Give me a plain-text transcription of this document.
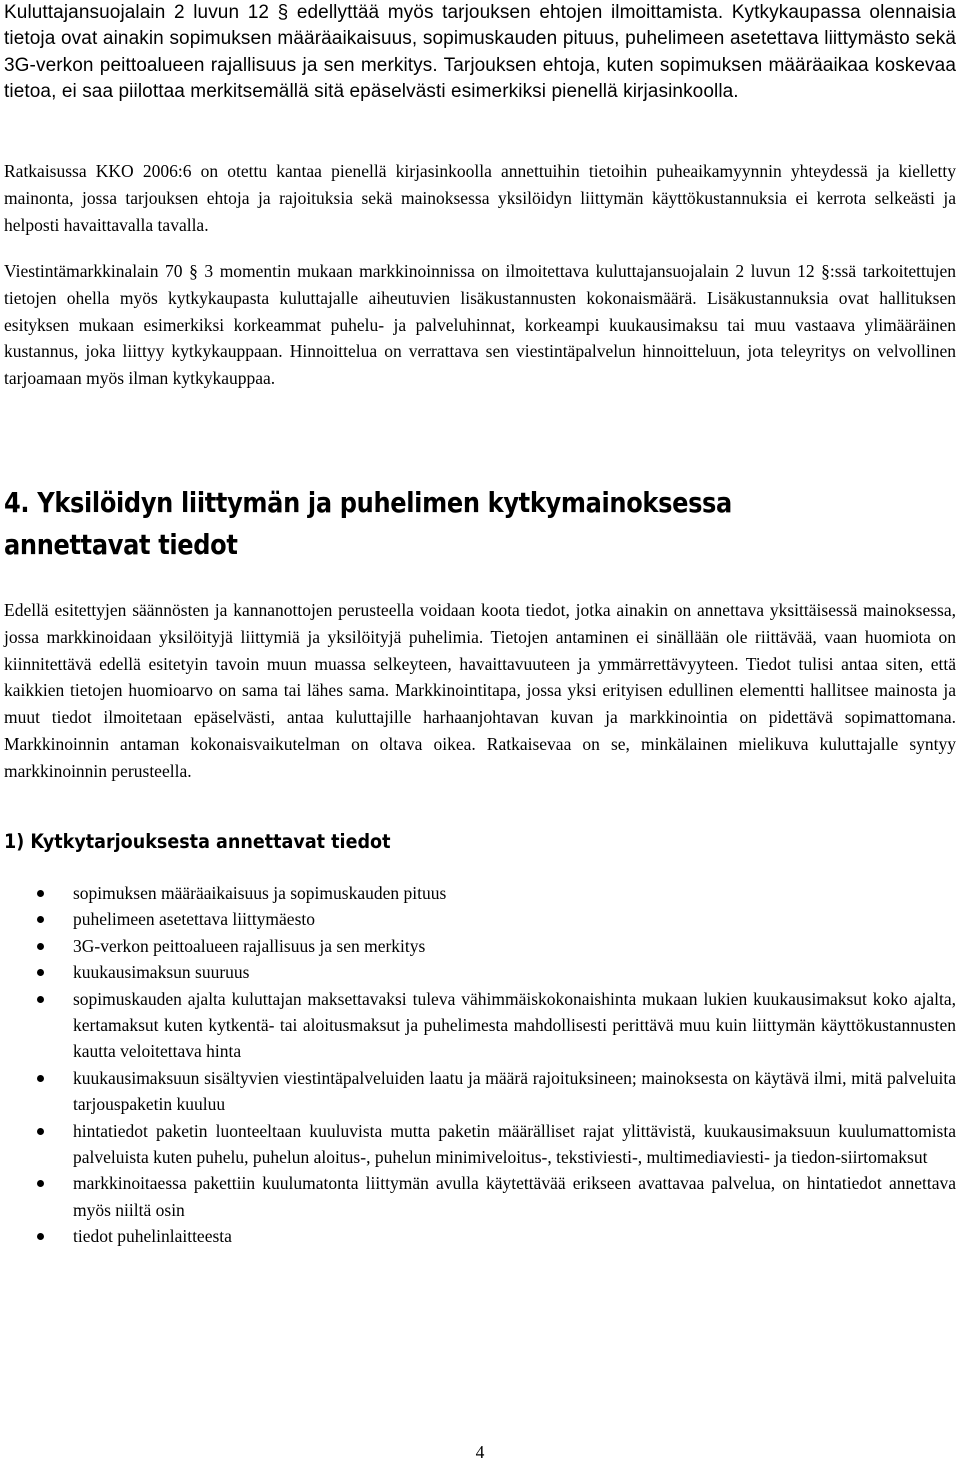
Kuluttajansuojalain 2 luvun 12 § edellyttää myös tarjouksen ehtojen ilmoittamista. Kytkykaupassa olennaisia tietoja ovat ainakin sopimuksen määräaikaisuus, sopimuskauden pituus, puhelimeen asetettava liittymästo sekä 3G-verkon peittoalueen rajallisuus ja sen merkitys. Tarjouksen ehtoja, kuten sopimuksen määräaikaa koskevaa tietoa, ei saa piilottaa merkitsemällä sitä epäselvästi esimerkiksi pienellä kirjasinkoolla.

Ratkaisussa KKO 2006:6 on otettu kantaa pienellä kirjasinkoolla annettuihin tietoihin puheaikamyynnin yhteydessä ja kielletty mainonta, jossa tarjouksen ehtoja ja rajoituksia sekä mainoksessa yksilöidyn liittymän käyttökustannuksia ei kerrota selkeästi ja helposti havaittavalla tavalla.

Viestintämarkkinalain 70 § 3 momentin mukaan markkinoinnissa on ilmoitettava kuluttajansuojalain 2 luvun 12 §:ssä tarkoitettujen tietojen ohella myös kytkykaupasta kuluttajalle aiheutuvien lisäkustannusten kokonaismäärä. Lisäkustannuksia ovat hallituksen esityksen mukaan esimerkiksi korkeammat puhelu- ja palveluhinnat, korkeampi kuukausimaksu tai muu vastaava ylimääräinen kustannus, joka liittyy kytkykauppaan. Hinnoittelua on verrattava sen viestintäpalvelun hinnoitteluun, jota teleyritys on velvollinen tarjoamaan myös ilman kytkykauppaa.

4. Yksilöidyn liittymän ja puhelimen kytkymainoksessa annettavat tiedot

Edellä esitettyjen säännösten ja kannanottojen perusteella voidaan koota tiedot, jotka ainakin on annettava yksittäisessä mainoksessa, jossa markkinoidaan yksilöityjä liittymiä ja yksilöityjä puhelimia. Tietojen antaminen ei sinällään ole riittävää, vaan huomiota on kiinnitettävä edellä esitetyin tavoin muun muassa selkeyteen, havaittavuuteen ja ymmärrettävyyteen. Tiedot tulisi antaa siten, että kaikkien tietojen huomioarvo on sama tai lähes sama. Markkinointitapa, jossa yksi erityisen edullinen elementti hallitsee mainosta ja muut tiedot ilmoitetaan epäselvästi, antaa kuluttajille harhaanjohtavan kuvan ja markkinointia on pidettävä sopimattomana. Markkinoinnin antaman kokonaisvaikutelman on oltava oikea. Ratkaisevaa on se, minkälainen mielikuva kuluttajalle syntyy markkinoinnin perusteella.

1) Kytkytarjouksesta annettavat tiedot
sopimuksen määräaikaisuus ja sopimuskauden pituus
puhelimeen asetettava liittymäesto
3G-verkon peittoalueen rajallisuus ja sen merkitys
kuukausimaksun suuruus
sopimuskauden ajalta kuluttajan maksettavaksi tuleva vähimmäiskokonaishinta mukaan lukien kuukausimaksut koko ajalta, kertamaksut kuten kytkentä- tai aloitusmaksut ja puhelimesta mahdollisesti perittävä muu kuin liittymän käyttökustannusten kautta veloitettava hinta
kuukausimaksuun sisältyvien viestintäpalveluiden laatu ja määrä rajoituksineen; mainoksesta on käytävä ilmi, mitä palveluita tarjouspaketin kuuluu
hintatiedot paketin luonteeltaan kuuluvista mutta paketin määrälliset rajat ylittävistä, kuukausimaksuun kuulumattomista palveluista kuten puhelu, puhelun aloitus-, puhelun minimiveloitus-, tekstiviesti-, multimediaviesti- ja tiedon-siirtomaksut
markkinoitaessa pakettiin kuulumatonta liittymän avulla käytettävää erikseen avattavaa palvelua, on hintatiedot annettava myös niiltä osin
tiedot puhelinlaitteesta
4
